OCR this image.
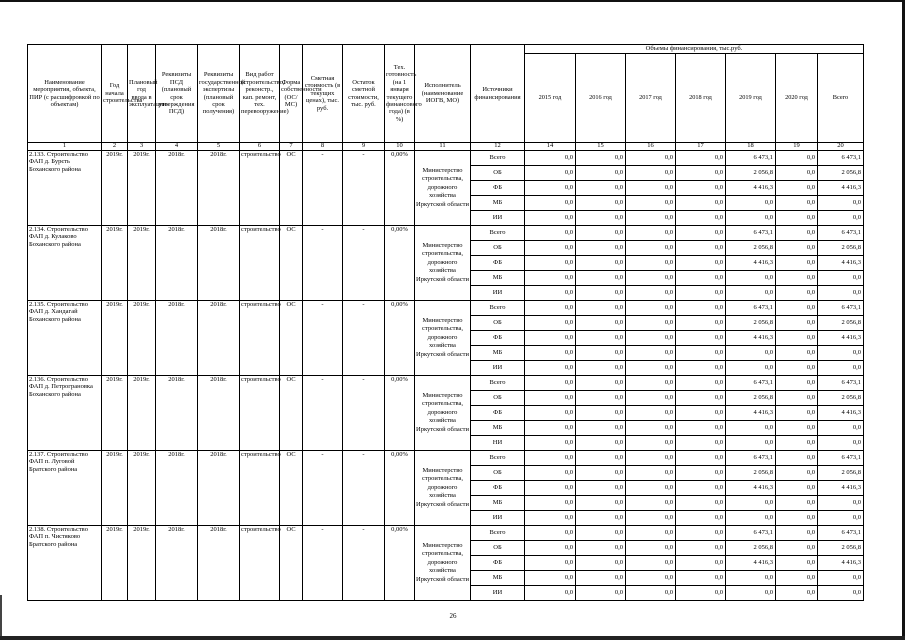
Наименование мероприятия, объекта, ПИР (с расшифровкой по объектам)	Год начала строительства	Плановый год ввода в эксплуатацию	Реквизиты ПСД (плановый срок утверждения ПСД)	Реквизиты государственной экспертизы (плановый срок получения)	Вид работ (строительство, реконстр., кап. ремонт, тех. перевооружение)	Форма собственности (ОС/МС)	Сметная стоимость (в текущих ценах), тыс. руб.	Остаток сметной стоимости, тыс. руб.	Тех. готовность (на 1 января текущего финансового года) (в %)	Исполнитель (наименование ИОГВ, МО)	Источники финансирования	Объемы финансирования, тыс.руб.						
												2015 год	2016 год	2017 год	2018 год	2019 год	2020 год	Всего
1	2	3	4	5	6	7	8	9	10	11	12	14	15	16	17	18	19	20
2.133. Строительство ФАП д. Бурєть Боханского района	2019г.	2019г.	2018г.	2018г.	строительство	ОС	-	-	0,00%	Министерство строительства, дорожного хозяйства Иркутской области	Всего	0,0	0,0	0,0	0,0	6 473,1	0,0	6 473,1
											ОБ	0,0	0,0	0,0	0,0	2 056,8	0,0	2 056,8
											ФБ	0,0	0,0	0,0	0,0	4 416,3	0,0	4 416,3
											МБ	0,0	0,0	0,0	0,0	0,0	0,0	0,0
											ИИ	0,0	0,0	0,0	0,0	0,0	0,0	0,0
2.134. Строительство ФАП д. Кулаково Боханского района	2019г.	2019г.	2018г.	2018г.	строительство	ОС	-	-	0,00%	Министерство строительства, дорожного хозяйства Иркутской области	Всего	0,0	0,0	0,0	0,0	6 473,1	0,0	6 473,1
											ОБ	0,0	0,0	0,0	0,0	2 056,8	0,0	2 056,8
											ФБ	0,0	0,0	0,0	0,0	4 416,3	0,0	4 416,3
											МБ	0,0	0,0	0,0	0,0	0,0	0,0	0,0
											ИИ	0,0	0,0	0,0	0,0	0,0	0,0	0,0
2.135. Строительство ФАП д. Хандагай Боханского района	2019г.	2019г.	2018г.	2018г.	строительство	ОС	-	-	0,00%	Министерство строительства, дорожного хозяйства Иркутской области	Всего	0,0	0,0	0,0	0,0	6 473,1	0,0	6 473,1
											ОБ	0,0	0,0	0,0	0,0	2 056,8	0,0	2 056,8
											ФБ	0,0	0,0	0,0	0,0	4 416,3	0,0	4 416,3
											МБ	0,0	0,0	0,0	0,0	0,0	0,0	0,0
											ИИ	0,0	0,0	0,0	0,0	0,0	0,0	0,0
2.136. Строительство ФАП д. Петрограновка Боханского района	2019г.	2019г.	2018г.	2018г.	строительство	ОС	-	-	0,00%	Министерство строительства, дорожного хозяйства Иркутской области	Всего	0,0	0,0	0,0	0,0	6 473,1	0,0	6 473,1
											ОБ	0,0	0,0	0,0	0,0	2 056,8	0,0	2 056,8
											ФБ	0,0	0,0	0,0	0,0	4 416,3	0,0	4 416,3
											МБ	0,0	0,0	0,0	0,0	0,0	0,0	0,0
											НИ	0,0	0,0	0,0	0,0	0,0	0,0	0,0
2.137. Строительство ФАП п. Луговой Братского района	2019г.	2019г.	2018г.	2018г.	строительство	ОС	-	-	0,00%	Министерство строительства, дорожного хозяйства Иркутской области	Всего	0,0	0,0	0,0	0,0	6 473,1	0,0	6 473,1
											ОБ	0,0	0,0	0,0	0,0	2 056,8	0,0	2 056,8
											ФБ	0,0	0,0	0,0	0,0	4 416,3	0,0	4 416,3
											МБ	0,0	0,0	0,0	0,0	0,0	0,0	0,0
											ИИ	0,0	0,0	0,0	0,0	0,0	0,0	0,0
2.138. Строительство ФАП п. Чистяково Братского района	2019г.	2019г.	2018г.	2018г.	строительство	ОС	-	-	0,00%	Министерство строительства, дорожного хозяйства Иркутской области	Всего	0,0	0,0	0,0	0,0	6 473,1	0,0	6 473,1
											ОБ	0,0	0,0	0,0	0,0	2 056,8	0,0	2 056,8
											ФБ	0,0	0,0	0,0	0,0	4 416,3	0,0	4 416,3
											МБ	0,0	0,0	0,0	0,0	0,0	0,0	0,0
											ИИ	0,0	0,0	0,0	0,0	0,0	0,0	0,0
26
